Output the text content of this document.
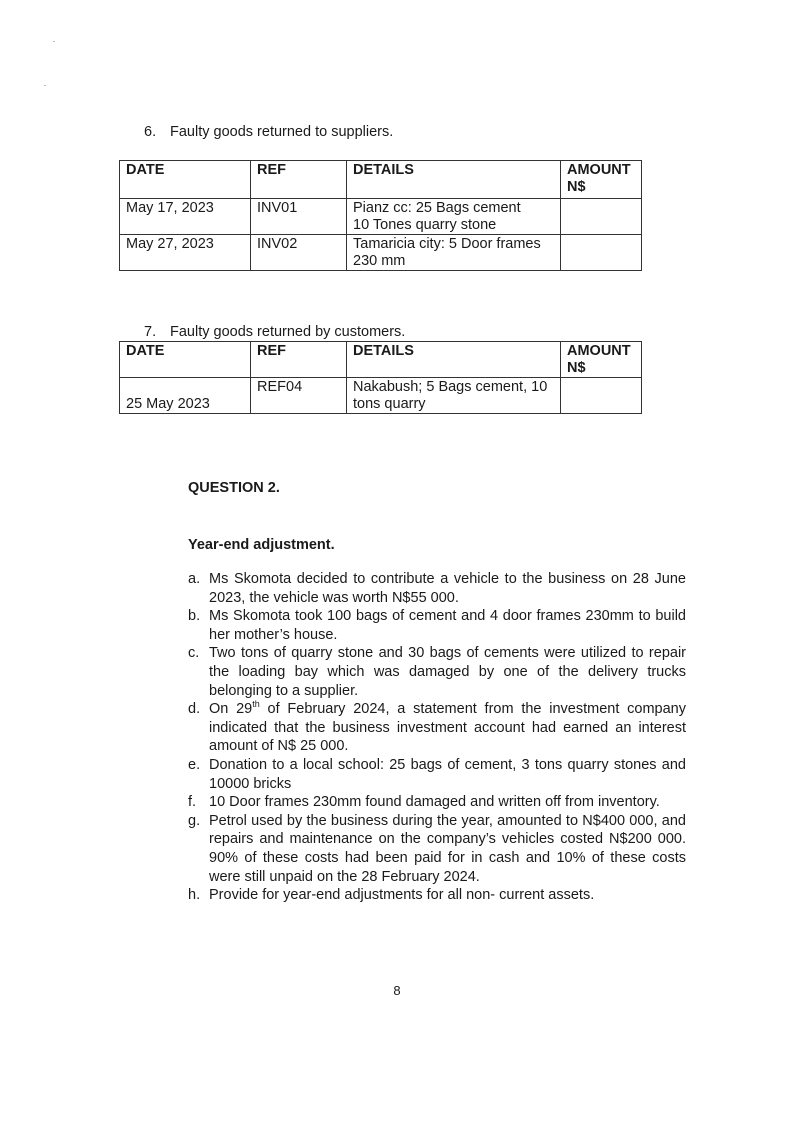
6. Faulty goods returned to suppliers.
DATE	REF	DETAILS	AMOUNT
N$
May 17, 2023	INV01	Pianz cc: 25 Bags cement
10 Tones quarry stone	
May 27, 2023	INV02	Tamaricia city: 5 Door frames
230 mm	
7. Faulty goods returned by customers.
DATE	REF	DETAILS	AMOUNT
N$
25 May 2023	REF04	Nakabush; 5 Bags cement, 10
tons quarry	
QUESTION 2.
Year-end adjustment.
a. Ms Skomota decided to contribute a vehicle to the business on 28 June 2023, the vehicle was worth N$55 000.
b. Ms Skomota took 100 bags of cement and 4 door frames 230mm to build her mother’s house.
c. Two tons of quarry stone and 30 bags of cements were utilized to repair the loading bay which was damaged by one of the delivery trucks belonging to a supplier.
d. On 29th of February 2024, a statement from the investment company indicated that the business investment account had earned an interest amount of N$ 25 000.
e. Donation to a local school: 25 bags of cement, 3 tons quarry stones and 10000 bricks
f. 10 Door frames 230mm found damaged and written off from inventory.
g. Petrol used by the business during the year, amounted to N$400 000, and repairs and maintenance on the company’s vehicles costed N$200 000. 90% of these costs had been paid for in cash and 10% of these costs were still unpaid on the 28 February 2024.
h. Provide for year-end adjustments for all non- current assets.
8
